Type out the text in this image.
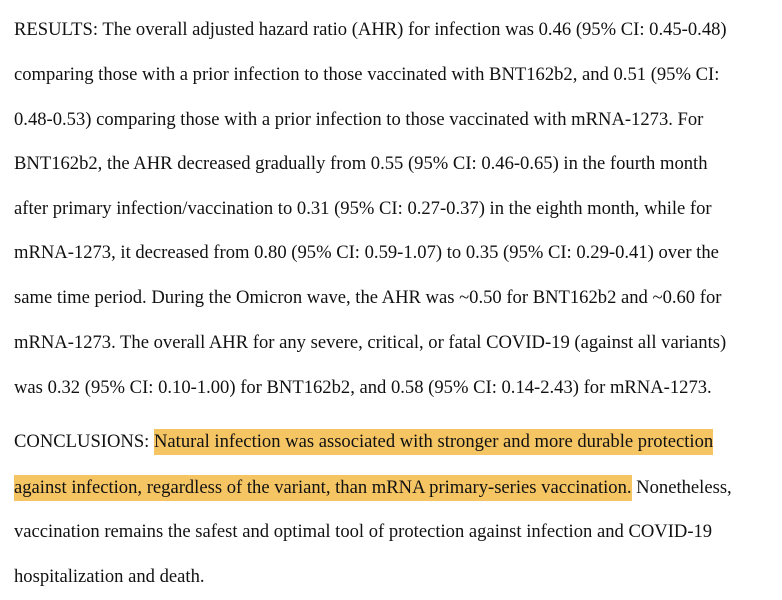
RESULTS: The overall adjusted hazard ratio (AHR) for infection was 0.46 (95% CI: 0.45-0.48)
comparing those with a prior infection to those vaccinated with BNT162b2, and 0.51 (95% CI:
0.48-0.53) comparing those with a prior infection to those vaccinated with mRNA-1273. For
BNT162b2, the AHR decreased gradually from 0.55 (95% CI: 0.46-0.65) in the fourth month
after primary infection/vaccination to 0.31 (95% CI: 0.27-0.37) in the eighth month, while for
mRNA-1273, it decreased from 0.80 (95% CI: 0.59-1.07) to 0.35 (95% CI: 0.29-0.41) over the
same time period. During the Omicron wave, the AHR was ~0.50 for BNT162b2 and ~0.60 for
mRNA-1273. The overall AHR for any severe, critical, or fatal COVID-19 (against all variants)
was 0.32 (95% CI: 0.10-1.00) for BNT162b2, and 0.58 (95% CI: 0.14-2.43) for mRNA-1273.
CONCLUSIONS: Natural infection was associated with stronger and more durable protection
against infection, regardless of the variant, than mRNA primary-series vaccination. Nonetheless,
vaccination remains the safest and optimal tool of protection against infection and COVID-19
hospitalization and death.
